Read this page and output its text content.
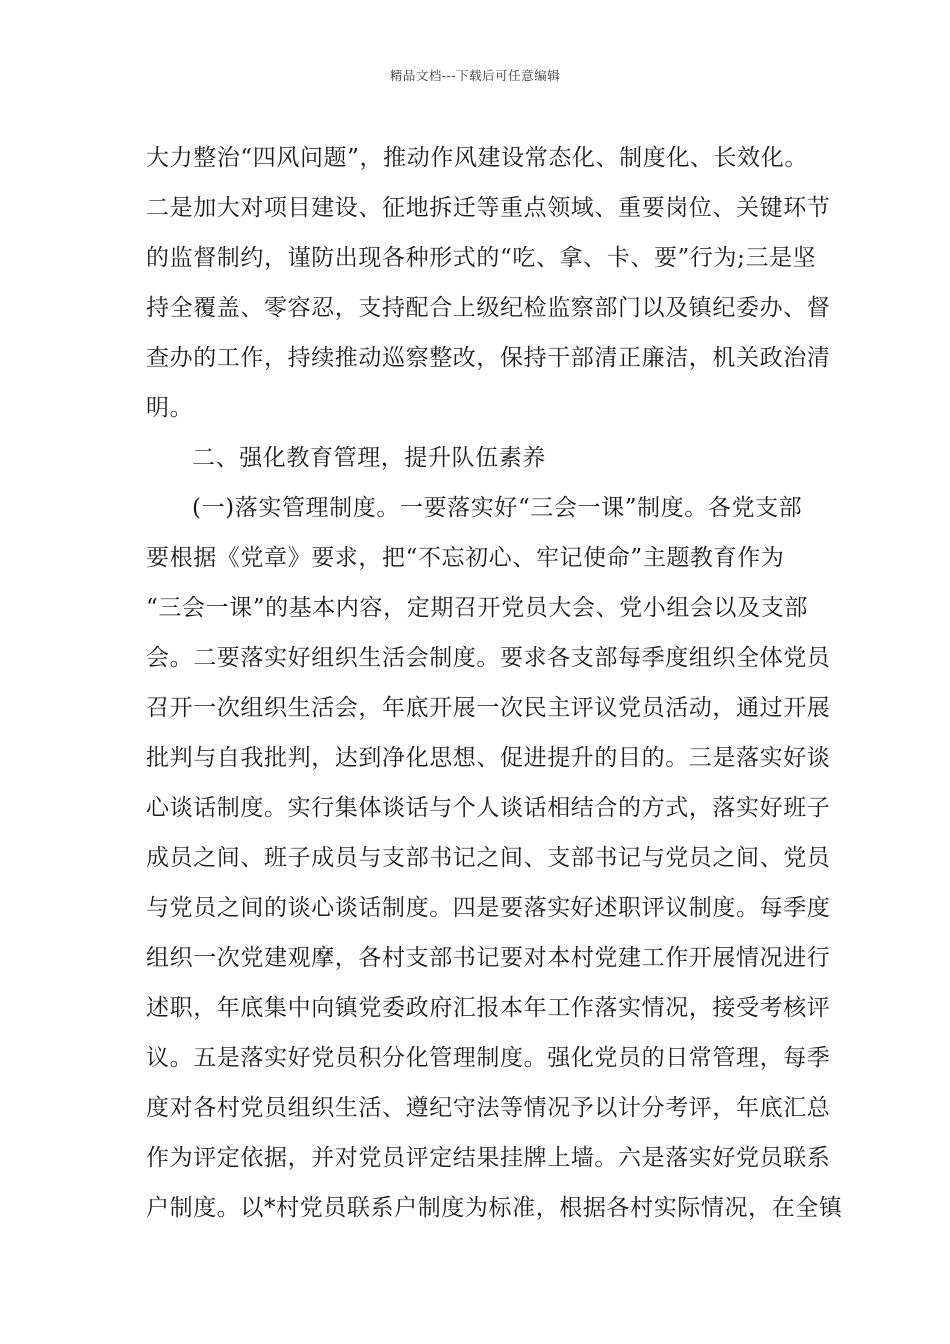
精品文档---下载后可任意编辑
大力整治“四风问题”，推动作风建设常态化、制度化、长效化。
二是加大对项目建设、征地拆迁等重点领域、重要岗位、关键环节
的监督制约，谨防出现各种形式的“吃、拿、卡、要”行为;三是坚
持全覆盖、零容忍，支持配合上级纪检监察部门以及镇纪委办、督
查办的工作，持续推动巡察整改，保持干部清正廉洁，机关政治清
明。
二、强化教育管理，提升队伍素养
(一)落实管理制度。一要落实好“三会一课”制度。各党支部
要根据《党章》要求，把“不忘初心、牢记使命”主题教育作为
“三会一课”的基本内容，定期召开党员大会、党小组会以及支部
会。二要落实好组织生活会制度。要求各支部每季度组织全体党员
召开一次组织生活会，年底开展一次民主评议党员活动，通过开展
批判与自我批判，达到净化思想、促进提升的目的。三是落实好谈
心谈话制度。实行集体谈话与个人谈话相结合的方式，落实好班子
成员之间、班子成员与支部书记之间、支部书记与党员之间、党员
与党员之间的谈心谈话制度。四是要落实好述职评议制度。每季度
组织一次党建观摩，各村支部书记要对本村党建工作开展情况进行
述职，年底集中向镇党委政府汇报本年工作落实情况，接受考核评
议。五是落实好党员积分化管理制度。强化党员的日常管理，每季
度对各村党员组织生活、遵纪守法等情况予以计分考评，年底汇总
作为评定依据，并对党员评定结果挂牌上墙。六是落实好党员联系
户制度。以*村党员联系户制度为标准，根据各村实际情况，在全镇
